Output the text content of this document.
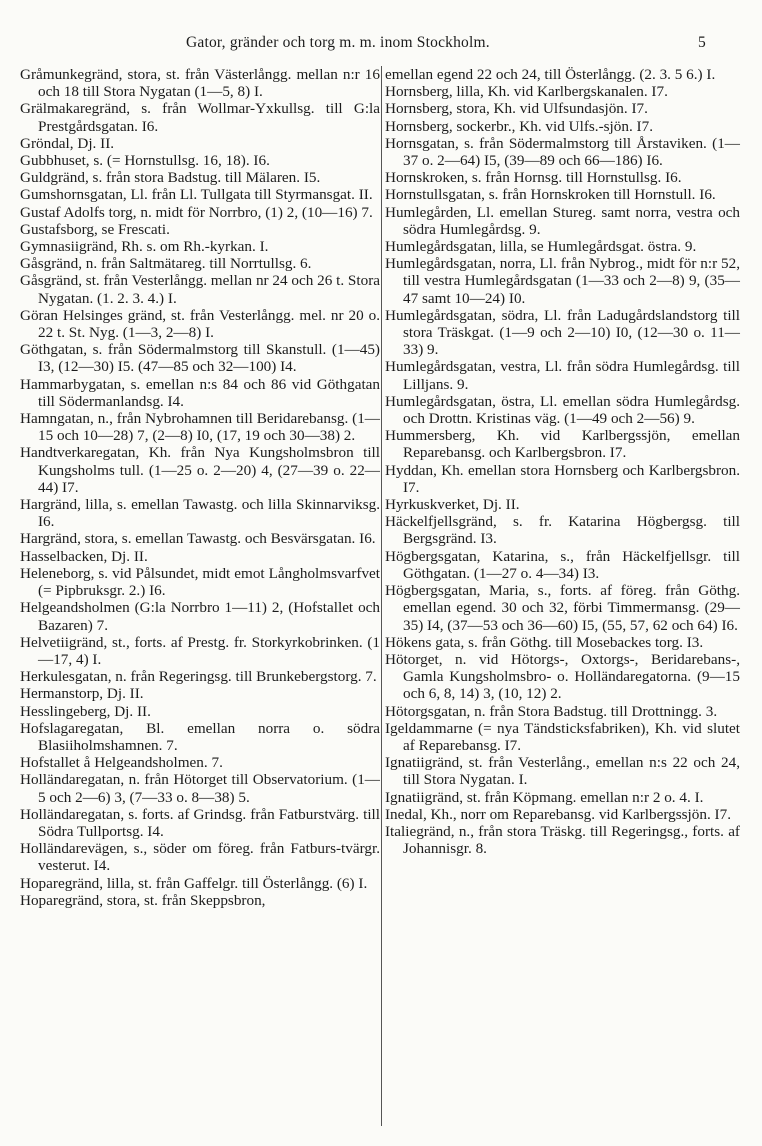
Gator, gränder och torg m. m. inom Stockholm.	5

Gråmunkegränd, stora, st. från Västerlångg. mellan n:r 16 och 18 till Stora Nygatan (1—5, 8) I.

Grälmakaregränd, s. från Wollmar-Yxkullsg. till G:la Prestgårdsgatan. I6.

Gröndal, Dj. II.

Gubbhuset, s. (= Hornstullsg. 16, 18). I6.

Guldgränd, s. från stora Badstug. till Mälaren. I5.

Gumshornsgatan, Ll. från Ll. Tullgata till Styrmansgat. II.

Gustaf Adolfs torg, n. midt för Norrbro, (1) 2, (10—16) 7.

Gustafsborg, se Frescati.

Gymnasiigränd, Rh. s. om Rh.-kyrkan. I.

Gåsgränd, n. från Saltmätareg. till Norrtullsg. 6.

Gåsgränd, st. från Vesterlångg. mellan nr 24 och 26 t. Stora Nygatan. (1. 2. 3. 4.) I.

Göran Helsinges gränd, st. från Vesterlångg. mel. nr 20 o. 22 t. St. Nyg. (1—3, 2—8) I.

Göthgatan, s. från Södermalmstorg till Skanstull. (1—45) I3, (12—30) I5. (47—85 och 32—100) I4.

Hammarbygatan, s. emellan n:s 84 och 86 vid Göthgatan till Södermanlandsg. I4.

Hamngatan, n., från Nybrohamnen till Beridarebansg. (1—15 och 10—28) 7, (2—8) I0, (17, 19 och 30—38) 2.

Handtverkaregatan, Kh. från Nya Kungsholmsbron till Kungsholms tull. (1—25 o. 2—20) 4, (27—39 o. 22—44) I7.

Hargränd, lilla, s. emellan Tawastg. och lilla Skinnarviksg. I6.

Hargränd, stora, s. emellan Tawastg. och Besvärsgatan. I6.

Hasselbacken, Dj. II.

Heleneborg, s. vid Pålsundet, midt emot Långholmsvarfvet (= Pipbruksgr. 2.) I6.

Helgeandsholmen (G:la Norrbro 1—11) 2, (Hofstallet och Bazaren) 7.

Helvetiigränd, st., forts. af Prestg. fr. Storkyrkobrinken. (1—17, 4) I.

Herkulesgatan, n. från Regeringsg. till Brunkebergstorg. 7.

Hermanstorp, Dj. II.

Hesslingeberg, Dj. II.

Hofslagaregatan, Bl. emellan norra o. södra Blasiiholmshamnen. 7.

Hofstallet å Helgeandsholmen. 7.

Holländaregatan, n. från Hötorget till Observatorium. (1—5 och 2—6) 3, (7—33 o. 8—38) 5.

Holländaregatan, s. forts. af Grindsg. från Fatburstvärg. till Södra Tullportsg. I4.

Holländarevägen, s., söder om föreg. från Fatburs-tvärgr. vesterut. I4.

Hoparegränd, lilla, st. från Gaffelgr. till Österlångg. (6) I.

Hoparegränd, stora, st. från Skeppsbron,

emellan egend 22 och 24, till Österlångg. (2. 3. 5 6.) I.

Hornsberg, lilla, Kh. vid Karlbergskanalen. I7.

Hornsberg, stora, Kh. vid Ulfsundasjön. I7.

Hornsberg, sockerbr., Kh. vid Ulfs.-sjön. I7.

Hornsgatan, s. från Södermalmstorg till Årstaviken. (1—37 o. 2—64) I5, (39—89 och 66—186) I6.

Hornskroken, s. från Hornsg. till Hornstullsg. I6.

Hornstullsgatan, s. från Hornskroken till Hornstull. I6.

Humlegården, Ll. emellan Stureg. samt norra, vestra och södra Humlegårdsg. 9.

Humlegårdsgatan, lilla, se Humlegårdsgat. östra. 9.

Humlegårdsgatan, norra, Ll. från Nybrog., midt för n:r 52, till vestra Humlegårdsgatan (1—33 och 2—8) 9, (35—47 samt 10—24) I0.

Humlegårdsgatan, södra, Ll. från Ladugårdslandstorg till stora Träskgat. (1—9 och 2—10) I0, (12—30 o. 11—33) 9.

Humlegårdsgatan, vestra, Ll. från södra Humlegårdsg. till Lilljans. 9.

Humlegårdsgatan, östra, Ll. emellan södra Humlegårdsg. och Drottn. Kristinas väg. (1—49 och 2—56) 9.

Hummersberg, Kh. vid Karlbergssjön, emellan Reparebansg. och Karlbergsbron. I7.

Hyddan, Kh. emellan stora Hornsberg och Karlbergsbron. I7.

Hyrkuskverket, Dj. II.

Häckelfjellsgränd, s. fr. Katarina Högbergsg. till Bergsgränd. I3.

Högbergsgatan, Katarina, s., från Häckelfjellsgr. till Göthgatan. (1—27 o. 4—34) I3.

Högbergsgatan, Maria, s., forts. af föreg. från Göthg. emellan egend. 30 och 32, förbi Timmermansg. (29—35) I4, (37—53 och 36—60) I5, (55, 57, 62 och 64) I6.

Hökens gata, s. från Göthg. till Mosebackes torg. I3.

Hötorget, n. vid Hötorgs-, Oxtorgs-, Beridarebans-, Gamla Kungsholmsbro- o. Holländaregatorna. (9—15 och 6, 8, 14) 3, (10, 12) 2.

Hötorgsgatan, n. från Stora Badstug. till Drottningg. 3.

Igeldammarne (= nya Tändsticksfabriken), Kh. vid slutet af Reparebansg. I7.

Ignatiigränd, st. från Vesterlång., emellan n:s 22 och 24, till Stora Nygatan. I.

Ignatiigränd, st. från Köpmang. emellan n:r 2 o. 4. I.

Inedal, Kh., norr om Reparebansg. vid Karlbergssjön. I7.

Italiegränd, n., från stora Träskg. till Regeringsg., forts. af Johannisgr. 8.
